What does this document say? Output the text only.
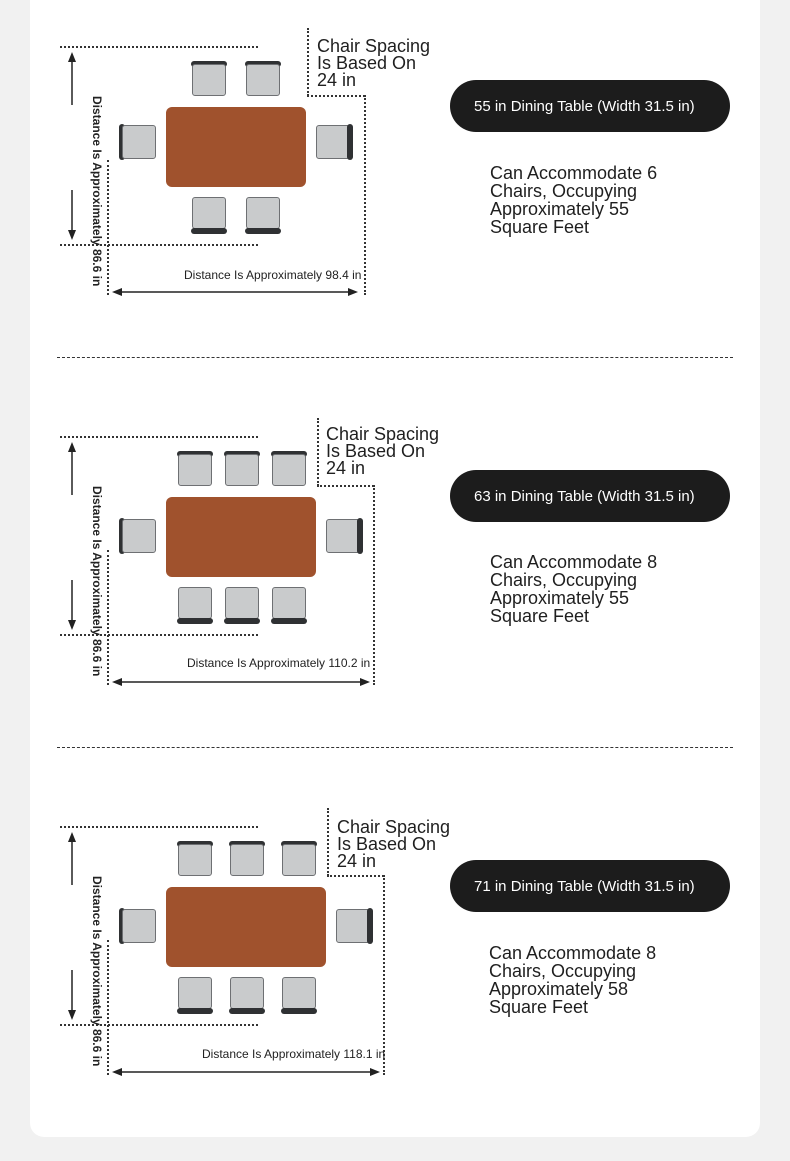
Distance Is Approximately 86.6 in	Distance Is Approximately 98.4 in
Chair Spacing
Is Based On
24 in
55 in Dining Table (Width 31.5 in)
Can Accommodate 6
Chairs, Occupying
Approximately 55
Square Feet
Distance Is Approximately 86.6 in	Distance Is Approximately 110.2 in
Chair Spacing
Is Based On
24 in
63 in Dining Table (Width 31.5 in)
Can Accommodate 8
Chairs, Occupying
Approximately 55
Square Feet
Distance Is Approximately 86.6 in	Distance Is Approximately 118.1 in
Chair Spacing
Is Based On
24 in
71 in Dining Table (Width 31.5 in)
Can Accommodate 8
Chairs, Occupying
Approximately 58
Square Feet
